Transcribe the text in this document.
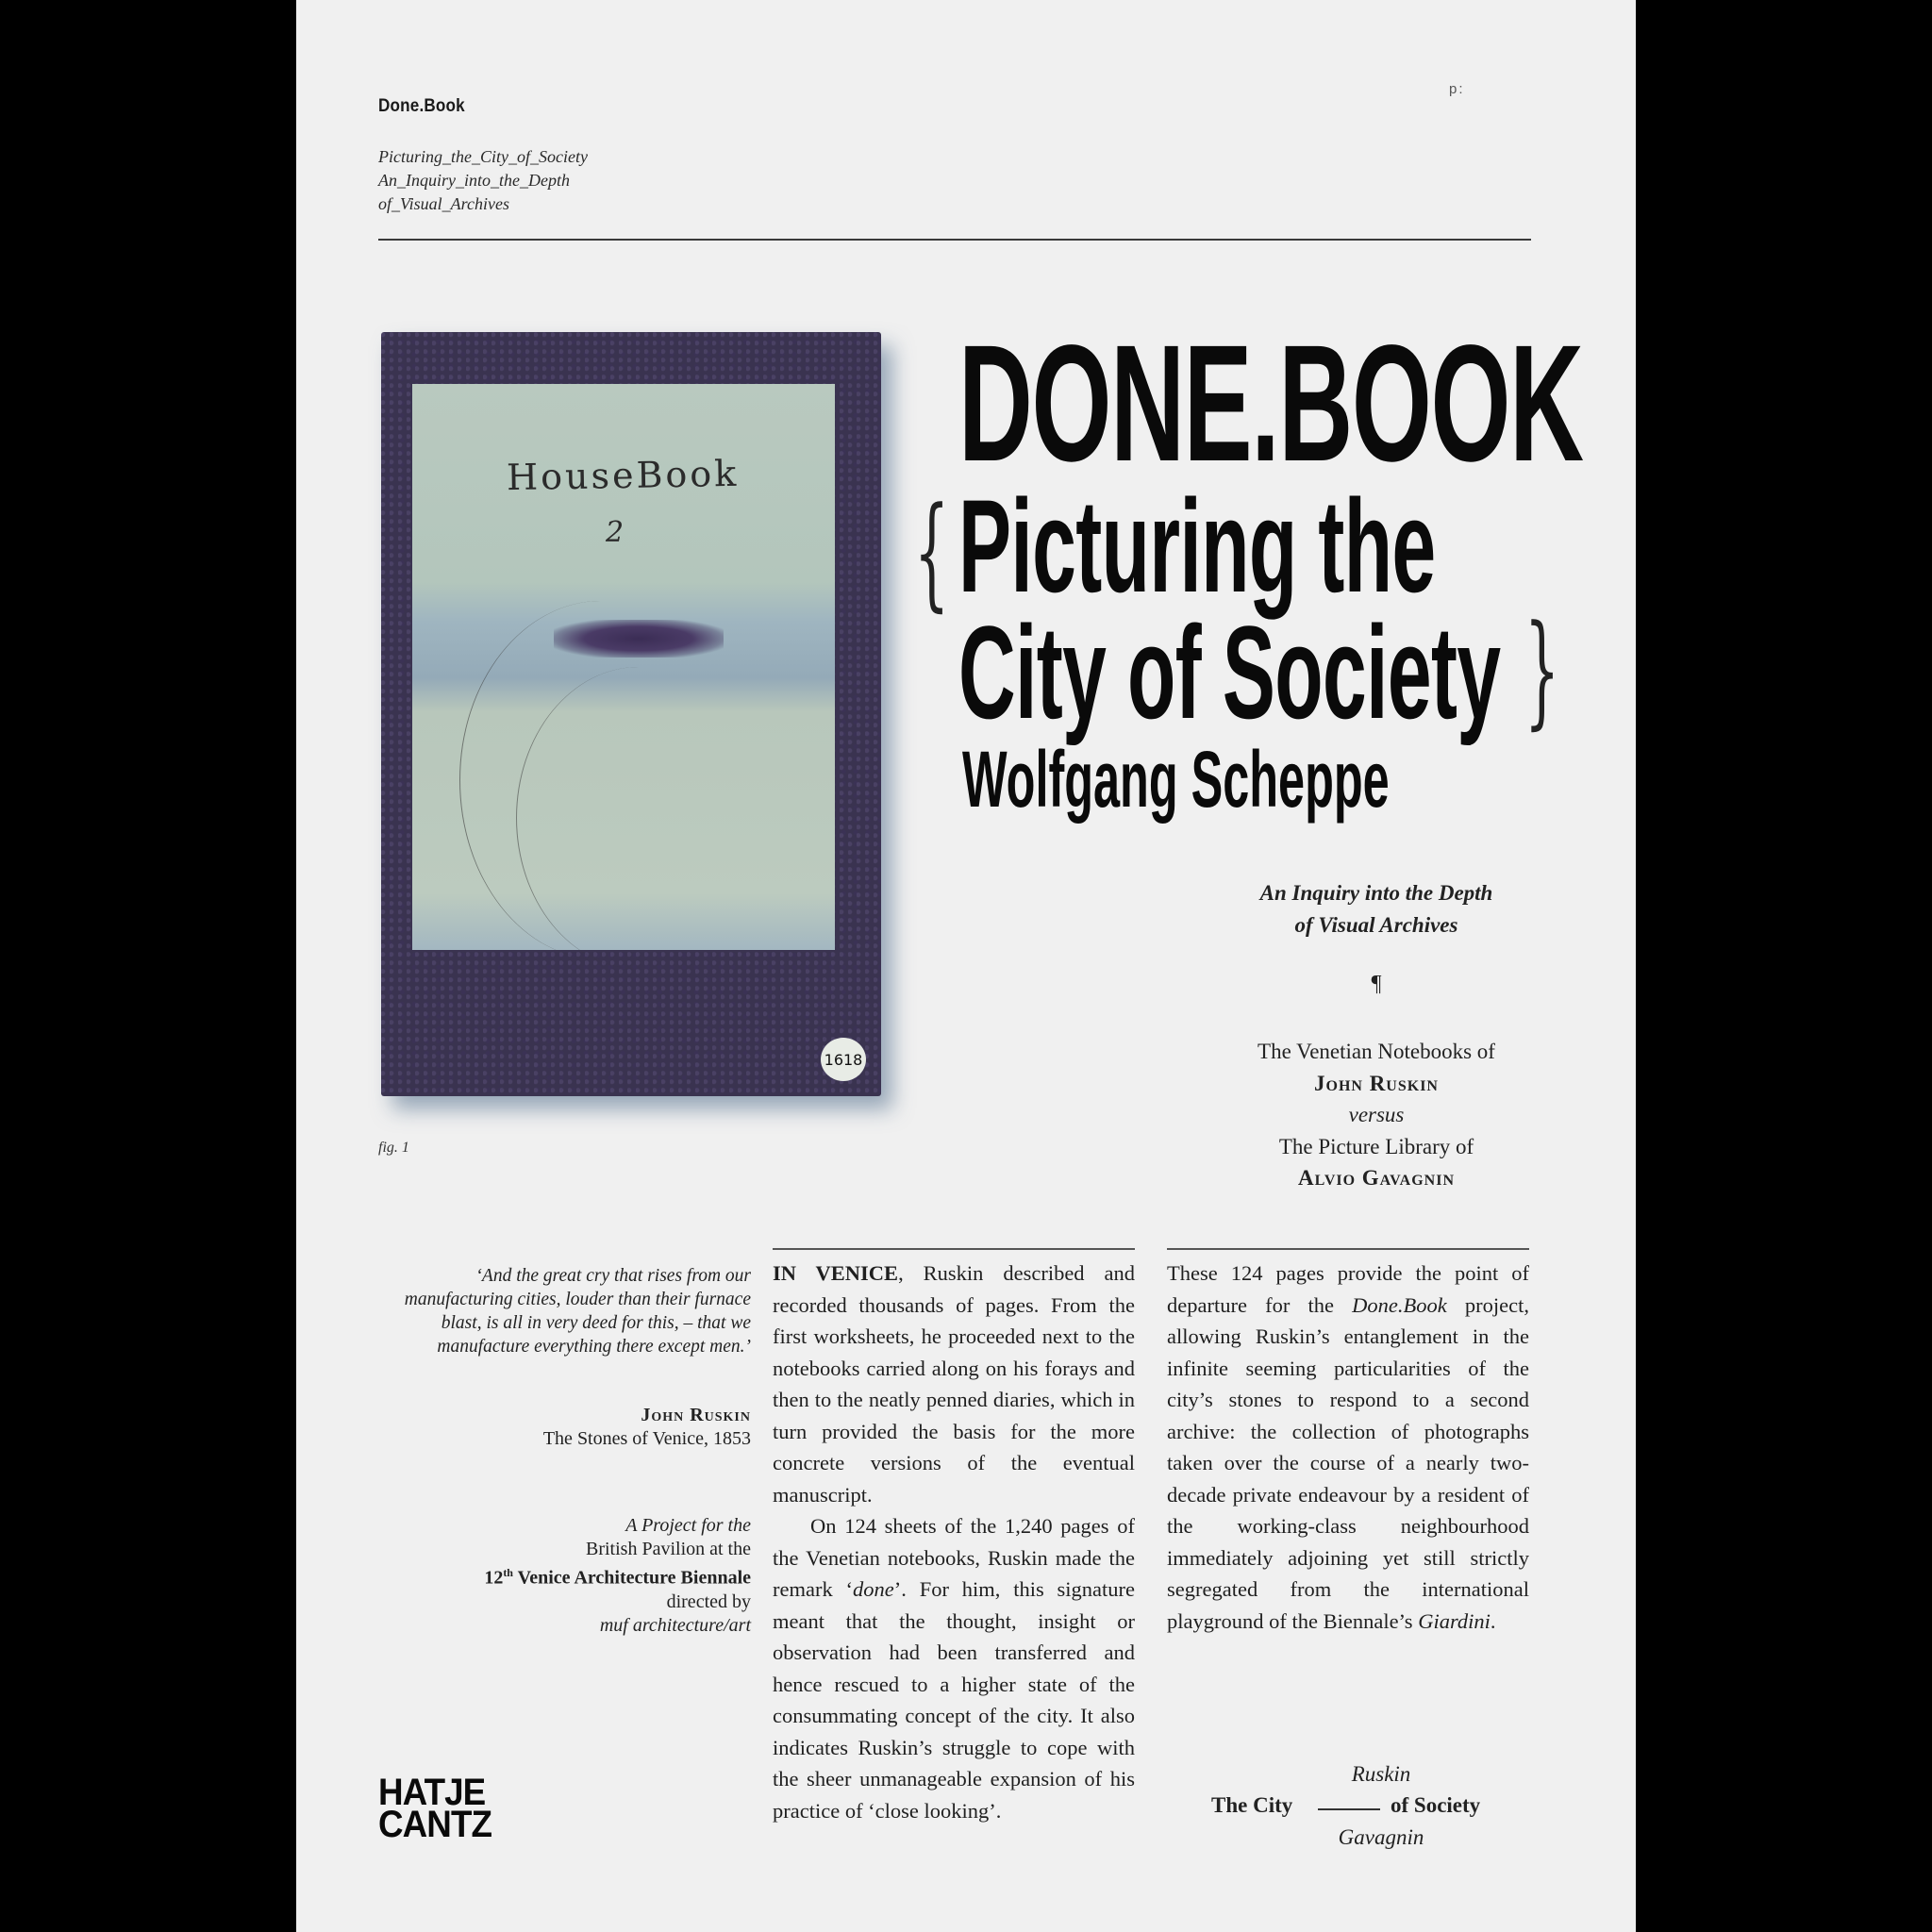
Done.Book
Picturing_the_City_of_Society
An_Inquiry_into_the_Depth
of_Visual_Archives
p:
HouseBook
2
1618
fig. 1
DONE.BOOK
{ Picturing the
City of Society }
Wolfgang Scheppe
An Inquiry into the Depth
of Visual Archives
¶
The Venetian Notebooks of
John Ruskin
versus
The Picture Library of
Alvio Gavagnin
‘And the great cry that rises from our manufacturing cities, louder than their furnace blast, is all in very deed for this, – that we manufacture everything there except men.’
John Ruskin
The Stones of Venice, 1853
A Project for the
British Pavilion at the
12th Venice Architecture Biennale
directed by
muf architecture/art

IN VENICE, Ruskin described and recorded thousands of pages. From the first worksheets, he proceeded next to the notebooks carried along on his forays and then to the neatly penned diaries, which in turn provided the basis for the more concrete versions of the eventual manuscript.

On 124 sheets of the 1,240 pages of the Venetian notebooks, Ruskin made the remark ‘done’. For him, this signature meant that the thought, insight or observation had been transferred and hence rescued to a higher state of the consummating concept of the city. It also indicates Ruskin’s struggle to cope with the sheer unmanageable expansion of his practice of ‘close looking’.

These 124 pages provide the point of departure for the Done.Book project, allowing Ruskin’s entanglement in the infinite seeming particularities of the city’s stones to respond to a second archive: the collection of photographs taken over the course of a nearly two-decade private endeavour by a resident of the working-class neighbourhood immediately adjoining yet still strictly segregated from the international playground of the Biennale’s Giardini.

Ruskin
The City	of Society
Gavagnin
HATJE
CANTZ
